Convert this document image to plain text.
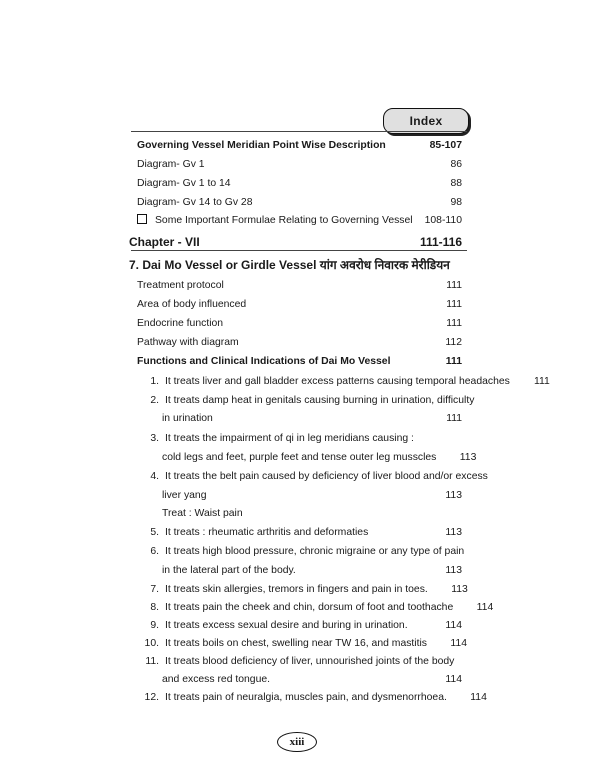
Index
Governing Vessel Meridian Point Wise Description	85-107
Diagram- Gv 1	86
Diagram- Gv 1 to 14	88
Diagram- Gv 14 to Gv 28	98
Some Important Formulae Relating to Governing Vessel	108-110
Chapter - VII	111-116
7. Dai Mo Vessel or Girdle Vessel यांग अवरोध निवारक मेरीडियन
Treatment protocol	111
Area of body influenced	111
Endocrine function	111
Pathway with diagram	112
Functions and Clinical Indications of Dai Mo Vessel	111
1. It treats liver and gall bladder excess patterns causing temporal headaches	111
2. It treats damp heat in genitals causing burning in urination, difficulty
in urination	111
3. It treats the impairment of qi in leg meridians causing :
cold legs and feet, purple feet and tense outer leg musscles	113
4. It treats the belt pain caused by deficiency of liver blood and/or excess
liver yang	113
Treat : Waist pain
5. It treats : rheumatic arthritis and deformaties	113
6. It treats high blood pressure, chronic migraine or any type of pain
in the lateral part of the body.	113
7. It treats skin allergies, tremors in fingers and pain in toes.	113
8. It treats pain the cheek and chin, dorsum of foot and toothache	114
9. It treats excess sexual desire and buring in urination.	114
10. It treats boils on chest, swelling near TW 16, and mastitis	114
11. It treats blood deficiency of liver, unnourished joints of the body
and excess red tongue.	114
12. It treats pain of neuralgia, muscles pain, and dysmenorrhoea.	114
xiii
